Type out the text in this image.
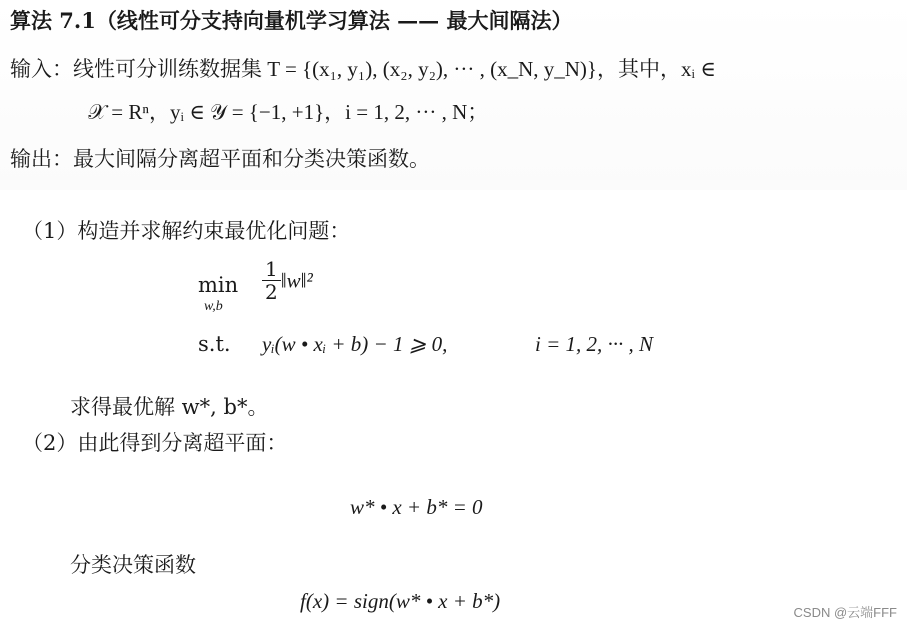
算法 7.1（线性可分支持向量机学习算法 —— 最大间隔法）
输入：线性可分训练数据集 T = {(x₁, y₁), (x₂, y₂), ··· , (x_N, y_N)}，其中，xᵢ ∈
𝒳 = Rⁿ，yᵢ ∈ 𝒴 = {−1, +1}，i = 1, 2, ··· , N；
输出：最大间隔分离超平面和分类决策函数。
（1）构造并求解约束最优化问题：
min
w,b
$\frac{1}{2}$ ‖w‖²
s.t. yᵢ(w • xᵢ + b) − 1 ⩾ 0,	i = 1, 2, ··· , N
求得最优解 w*, b*。
（2）由此得到分离超平面：
w* • x + b* = 0
分类决策函数
f(x) = sign(w* • x + b*)	CSDN @云端FFF
